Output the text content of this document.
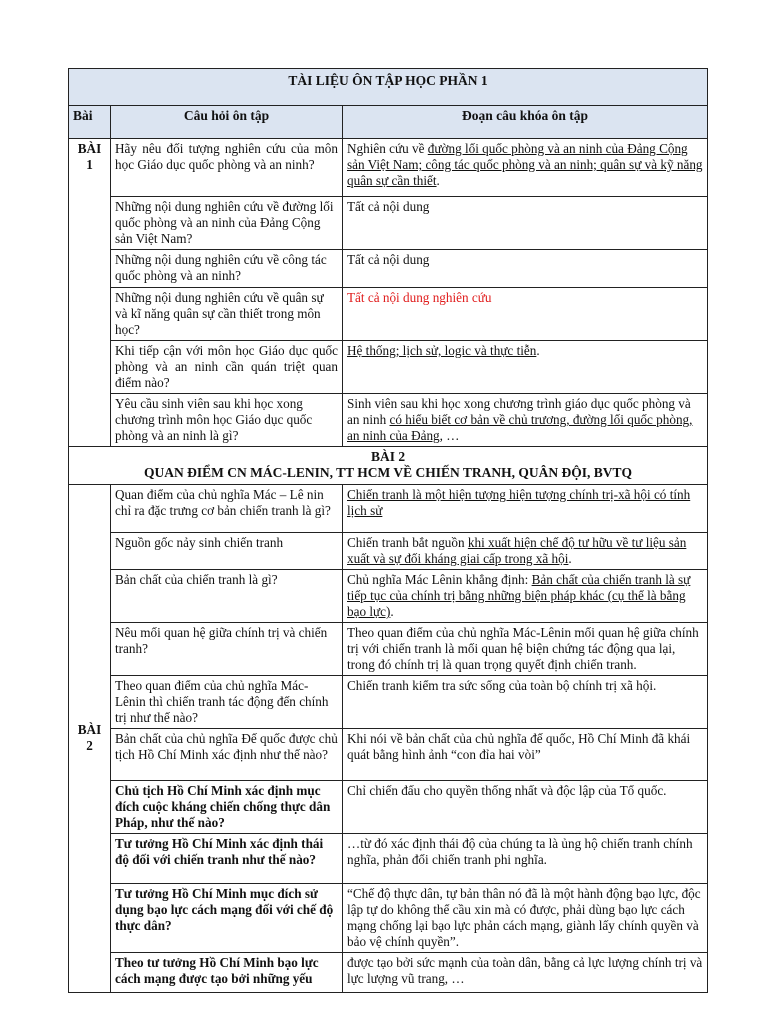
TÀI LIỆU ÔN TẬP HỌC PHẦN 1		
Bài	Câu hỏi ôn tập	Đoạn câu khóa ôn tập
BÀI 1	Hãy nêu đối tượng nghiên cứu của môn học Giáo dục quốc phòng và an ninh?	Nghiên cứu về đường lối quốc phòng và an ninh của Đảng Cộng sản Việt Nam; công tác quốc phòng và an ninh; quân sự và kỹ năng quân sự cần thiết.
	Những nội dung nghiên cứu về đường lối quốc phòng và an ninh của Đảng Cộng sản Việt Nam?	Tất cả nội dung
	Những nội dung nghiên cứu về công tác quốc phòng và an ninh?	Tất cả nội dung
	Những nội dung nghiên cứu về quân sự và kĩ năng quân sự cần thiết trong môn học?	Tất cả nội dung nghiên cứu
	Khi tiếp cận với môn học Giáo dục quốc phòng và an ninh cần quán triệt quan điểm nào?	Hệ thống; lịch sử, logic và thực tiễn.
	Yêu cầu sinh viên sau khi học xong chương trình môn học Giáo dục quốc phòng và an ninh là gì?	Sinh viên sau khi học xong chương trình giáo dục quốc phòng và an ninh có hiểu biết cơ bản về chủ trương, đường lối quốc phòng, an ninh của Đảng, …

BÀI 2
QUAN ĐIỂM CN MÁC-LENIN, TT HCM VỀ CHIẾN TRANH, QUÂN ĐỘI, BVTQ		

BÀI 2	Quan điểm của chủ nghĩa Mác – Lê nin chỉ ra đặc trưng cơ bản chiến tranh là gì?	Chiến tranh là một hiện tượng hiện tượng chính trị-xã hội có tính lịch sử
	Nguồn gốc nảy sinh chiến tranh	Chiến tranh bắt nguồn khi xuất hiện chế độ tư hữu về tư liệu sản xuất và sự đối kháng giai cấp trong xã hội.
	Bản chất của chiến tranh là gì?	Chủ nghĩa Mác Lênin khẳng định: Bản chất của chiến tranh là sự tiếp tục của chính trị bằng những biện pháp khác (cụ thể là bằng bạo lực).
	Nêu mối quan hệ giữa chính trị và chiến tranh?	Theo quan điểm của chủ nghĩa Mác-Lênin mối quan hệ giữa chính trị với chiến tranh là mối quan hệ biện chứng tác động qua lại, trong đó chính trị là quan trọng quyết định chiến tranh.
	Theo quan điểm của chủ nghĩa Mác-Lênin thì chiến tranh tác động đến chính trị như thế nào?	Chiến tranh kiểm tra sức sống của toàn bộ chính trị xã hội.
	Bản chất của chủ nghĩa Đế quốc được chủ tịch Hồ Chí Minh xác định như thế nào?	Khi nói về bản chất của chủ nghĩa đế quốc, Hồ Chí Minh đã khái quát bằng hình ảnh “con đỉa hai vòi”
	Chủ tịch Hồ Chí Minh xác định mục đích cuộc kháng chiến chống thực dân Pháp, như thế nào?	Chỉ chiến đấu cho quyền thống nhất và độc lập của Tổ quốc.
	Tư tưởng Hồ Chí Minh xác định thái độ đối với chiến tranh như thế nào?	…từ đó xác định thái độ của chúng ta là ủng hộ chiến tranh chính nghĩa, phản đối chiến tranh phi nghĩa.
	Tư tưởng Hồ Chí Minh mục đích sử dụng bạo lực cách mạng đối với chế độ thực dân?	“Chế độ thực dân, tự bản thân nó đã là một hành động bạo lực, độc lập tự do không thể cầu xin mà có được, phải dùng bạo lực cách mạng chống lại bạo lực phản cách mạng, giành lấy chính quyền và bảo vệ chính quyền”.
	Theo tư tưởng Hồ Chí Minh bạo lực cách mạng được tạo bởi những yếu	được tạo bởi sức mạnh của toàn dân, bằng cả lực lượng chính trị và lực lượng vũ trang, …
